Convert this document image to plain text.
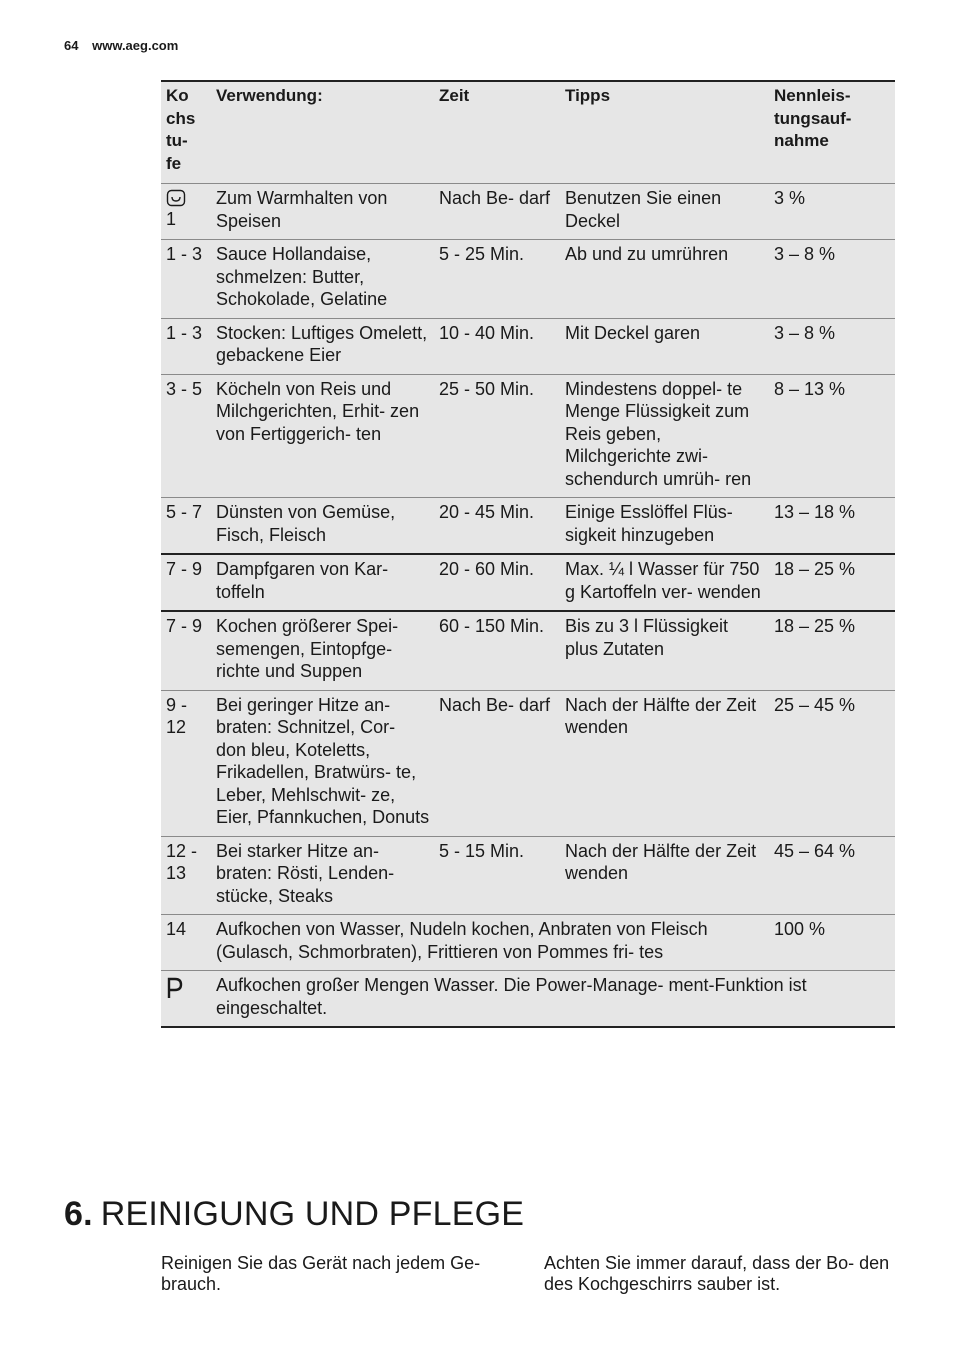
64 www.aeg.com
Ko
chs
tu-
fe	Verwendung:	Zeit	Tipps	Nennleis-
tungsauf-
nahme

1	Zum Warmhalten von Speisen	Nach Be- darf	Benutzen Sie einen Deckel	3 %
1 - 3	Sauce Hollandaise, schmelzen: Butter, Schokolade, Gelatine	5 - 25 Min.	Ab und zu umrühren	3 – 8 %
1 - 3	Stocken: Luftiges Omelett, gebackene Eier	10 - 40 Min.	Mit Deckel garen	3 – 8 %
3 - 5	Köcheln von Reis und Milchgerichten, Erhit- zen von Fertiggerich- ten	25 - 50 Min.	Mindestens doppel- te Menge Flüssigkeit zum Reis geben, Milchgerichte zwi- schendurch umrüh- ren	8 – 13 %
5 - 7	Dünsten von Gemüse, Fisch, Fleisch	20 - 45 Min.	Einige Esslöffel Flüs- sigkeit hinzugeben	13 – 18 %
7 - 9	Dampfgaren von Kar- toffeln	20 - 60 Min.	Max. ¼ l Wasser für 750 g Kartoffeln ver- wenden	18 – 25 %
7 - 9	Kochen größerer Spei- semengen, Eintopfge- richte und Suppen	60 - 150 Min.	Bis zu 3 l Flüssigkeit plus Zutaten	18 – 25 %
9 - 12	Bei geringer Hitze an- braten: Schnitzel, Cor- don bleu, Koteletts, Frikadellen, Bratwürs- te, Leber, Mehlschwit- ze, Eier, Pfannkuchen, Donuts	Nach Be- darf	Nach der Hälfte der Zeit wenden	25 – 45 %
12 - 13	Bei starker Hitze an- braten: Rösti, Lenden- stücke, Steaks	5 - 15 Min.	Nach der Hälfte der Zeit wenden	45 – 64 %
14	Aufkochen von Wasser, Nudeln kochen, Anbraten von Fleisch (Gulasch, Schmorbraten), Frittieren von Pommes fri- tes			100 %

	Aufkochen großer Mengen Wasser. Die Power-Manage- ment-Funktion ist eingeschaltet.			
6. REINIGUNG UND PFLEGE
Reinigen Sie das Gerät nach jedem Ge- brauch.
Achten Sie immer darauf, dass der Bo- den des Kochgeschirrs sauber ist.
